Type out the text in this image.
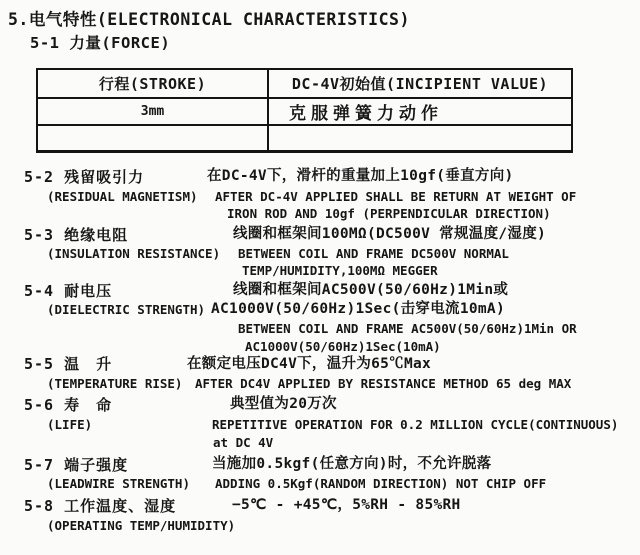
5.电气特性(ELECTRONICAL CHARACTERISTICS)
5-1 力量(FORCE)
行程(STROKE)	DC-4V初始值(INCIPIENT VALUE)
3mm	克服弹簧力动作
5-2 残留吸引力
(RESIDUAL MAGNETISM)
在DC-4V下，滑杆的重量加上10gf(垂直方向)
AFTER DC-4V APPLIED SHALL BE RETURN AT WEIGHT OF
IRON ROD AND 10gf (PERPENDICULAR DIRECTION)
5-3 绝缘电阻
(INSULATION RESISTANCE)
线圈和框架间100MΩ(DC500V 常规温度/湿度)
BETWEEN COIL AND FRAME DC500V NORMAL
TEMP/HUMIDITY,100MΩ MEGGER
5-4 耐电压
(DIELECTRIC STRENGTH)
线圈和框架间AC500V(50/60Hz)1Min或
AC1000V(50/60Hz)1Sec(击穿电流10mA)
BETWEEN COIL AND FRAME AC500V(50/60Hz)1Min OR
AC1000V(50/60Hz)1Sec(10mA)
5-5 温　升
(TEMPERATURE RISE)
在额定电压DC4V下，温升为65℃Max
AFTER DC4V APPLIED BY RESISTANCE METHOD 65 deg MAX
5-6 寿　命
(LIFE)
典型值为20万次
REPETITIVE OPERATION FOR 0.2 MILLION CYCLE(CONTINUOUS)
at DC 4V
5-7 端子强度
(LEADWIRE STRENGTH)
当施加0.5kgf(任意方向)时，不允许脱落
ADDING 0.5Kgf(RANDOM DIRECTION) NOT CHIP OFF
5-8 工作温度、湿度
(OPERATING TEMP/HUMIDITY)
−5℃ - +45℃，5%RH - 85%RH
